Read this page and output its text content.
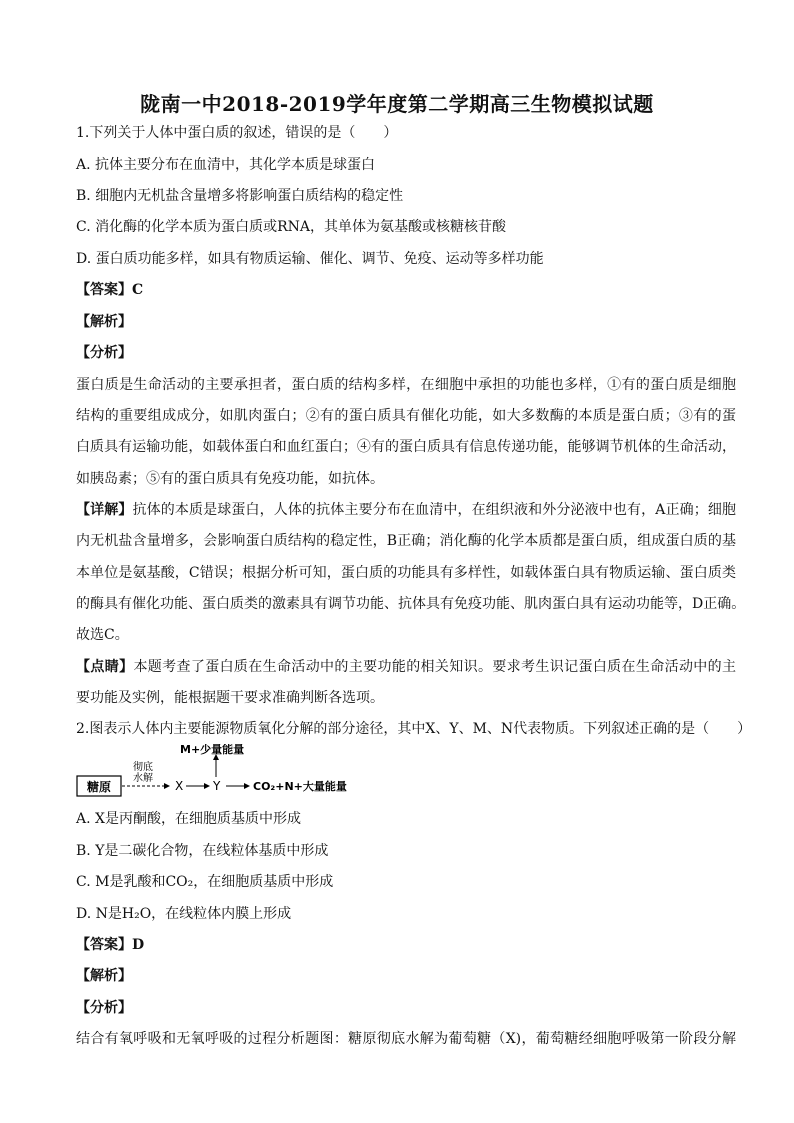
陇南一中2018-2019学年度第二学期高三生物模拟试题
1.下列关于人体中蛋白质的叙述，错误的是（　　）
A. 抗体主要分布在血清中，其化学本质是球蛋白
B. 细胞内无机盐含量增多将影响蛋白质结构的稳定性
C. 消化酶的化学本质为蛋白质或RNA，其单体为氨基酸或核糖核苷酸
D. 蛋白质功能多样，如具有物质运输、催化、调节、免疫、运动等多样功能
【答案】C
【解析】
【分析】
蛋白质是生命活动的主要承担者，蛋白质的结构多样，在细胞中承担的功能也多样，①有的蛋白质是细胞
结构的重要组成成分，如肌肉蛋白；②有的蛋白质具有催化功能，如大多数酶的本质是蛋白质；③有的蛋
白质具有运输功能，如载体蛋白和血红蛋白；④有的蛋白质具有信息传递功能，能够调节机体的生命活动，
如胰岛素；⑤有的蛋白质具有免疫功能，如抗体。
【详解】抗体的本质是球蛋白，人体的抗体主要分布在血清中，在组织液和外分泌液中也有，A正确；细胞
内无机盐含量增多，会影响蛋白质结构的稳定性，B正确；消化酶的化学本质都是蛋白质，组成蛋白质的基
本单位是氨基酸，C错误；根据分析可知，蛋白质的功能具有多样性，如载体蛋白具有物质运输、蛋白质类
的酶具有催化功能、蛋白质类的激素具有调节功能、抗体具有免疫功能、肌肉蛋白具有运动功能等，D正确。
故选C。
【点睛】本题考查了蛋白质在生命活动中的主要功能的相关知识。要求考生识记蛋白质在生命活动中的主
要功能及实例，能根据题干要求准确判断各选项。
2.图表示人体内主要能源物质氧化分解的部分途径，其中X、Y、M、N代表物质。下列叙述正确的是（　　）
糖原
彻底
水解
X Y
M+少量能量
CO₂+N+大量能量
A. X是丙酮酸，在细胞质基质中形成
B. Y是二碳化合物，在线粒体基质中形成
C. M是乳酸和CO₂，在细胞质基质中形成
D. N是H₂O，在线粒体内膜上形成
【答案】D
【解析】
【分析】
结合有氧呼吸和无氧呼吸的过程分析题图：糖原彻底水解为葡萄糖（X)，葡萄糖经细胞呼吸第一阶段分解
